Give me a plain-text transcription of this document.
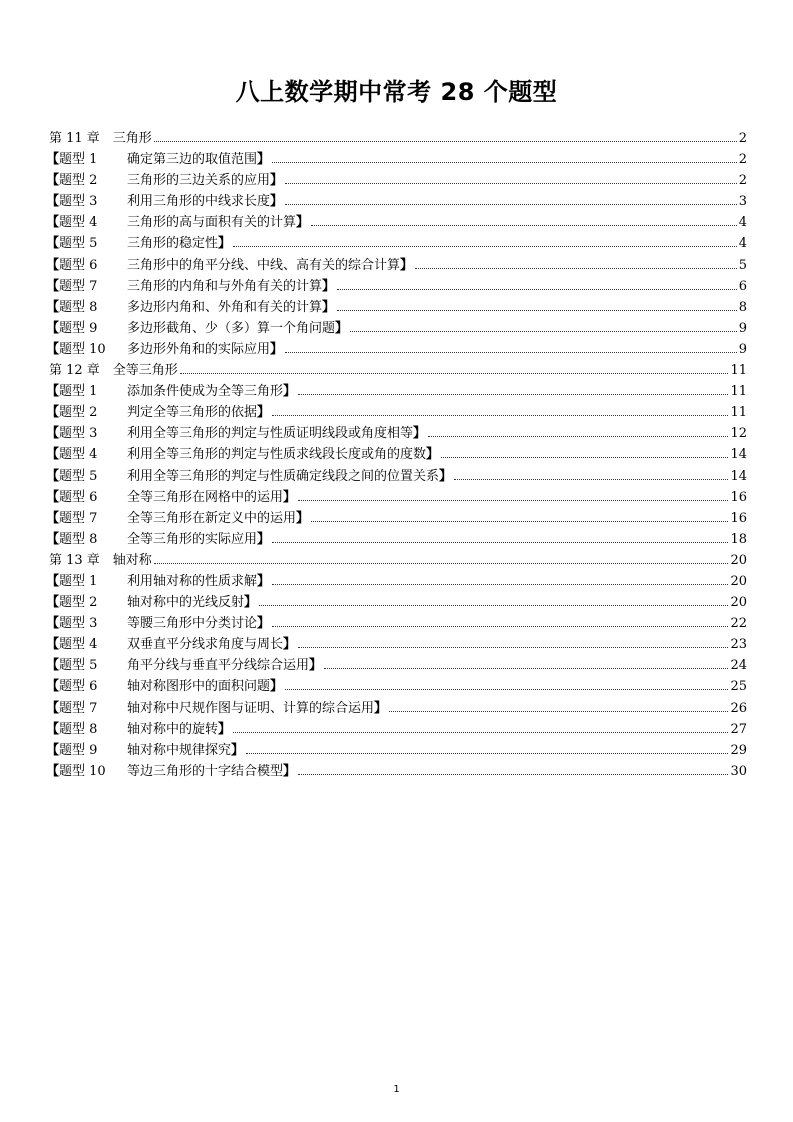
八上数学期中常考 28 个题型
第 11 章　三角形	2
【题型 1 确定第三边的取值范围】	2
【题型 2 三角形的三边关系的应用】	2
【题型 3 利用三角形的中线求长度】	3
【题型 4 三角形的高与面积有关的计算】	4
【题型 5 三角形的稳定性】	4
【题型 6 三角形中的角平分线、中线、高有关的综合计算】	5
【题型 7 三角形的内角和与外角有关的计算】	6
【题型 8 多边形内角和、外角和有关的计算】	8
【题型 9 多边形截角、少（多）算一个角问题】	9
【题型 10 多边形外角和的实际应用】	9
第 12 章　全等三角形	11
【题型 1 添加条件使成为全等三角形】	11
【题型 2 判定全等三角形的依据】	11
【题型 3 利用全等三角形的判定与性质证明线段或角度相等】	12
【题型 4 利用全等三角形的判定与性质求线段长度或角的度数】	14
【题型 5 利用全等三角形的判定与性质确定线段之间的位置关系】	14
【题型 6 全等三角形在网格中的运用】	16
【题型 7 全等三角形在新定义中的运用】	16
【题型 8 全等三角形的实际应用】	18
第 13 章　轴对称	20
【题型 1 利用轴对称的性质求解】	20
【题型 2 轴对称中的光线反射】	20
【题型 3 等腰三角形中分类讨论】	22
【题型 4 双垂直平分线求角度与周长】	23
【题型 5 角平分线与垂直平分线综合运用】	24
【题型 6 轴对称图形中的面积问题】	25
【题型 7 轴对称中尺规作图与证明、计算的综合运用】	26
【题型 8 轴对称中的旋转】	27
【题型 9 轴对称中规律探究】	29
【题型 10 等边三角形的十字结合模型】	30
1
